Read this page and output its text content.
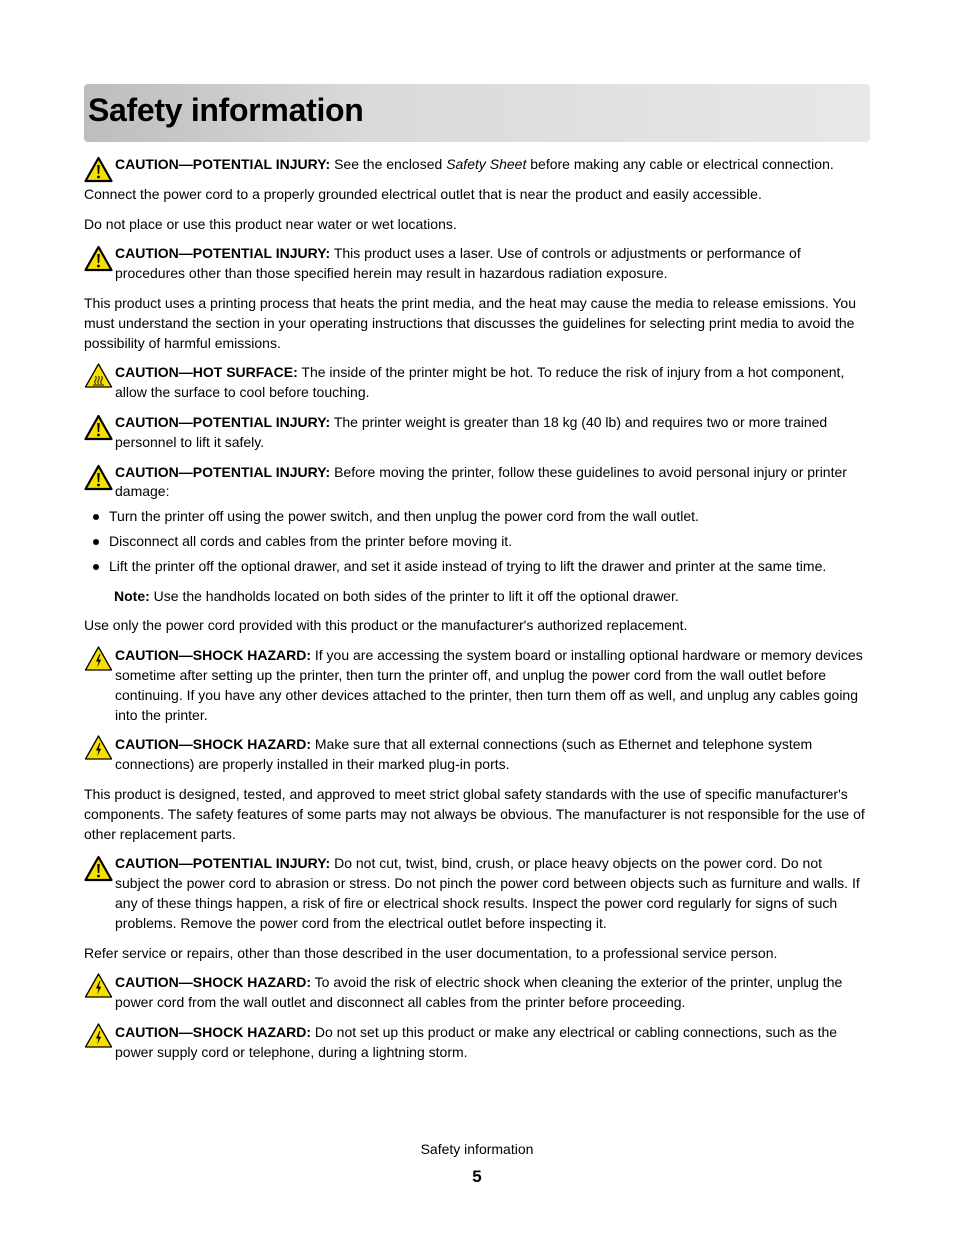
Safety information
CAUTION—POTENTIAL INJURY: See the enclosed Safety Sheet before making any cable or electrical connection.

Connect the power cord to a properly grounded electrical outlet that is near the product and easily accessible.

Do not place or use this product near water or wet locations.

CAUTION—POTENTIAL INJURY: This product uses a laser. Use of controls or adjustments or performance of procedures other than those specified herein may result in hazardous radiation exposure.

This product uses a printing process that heats the print media, and the heat may cause the media to release emissions. You must understand the section in your operating instructions that discusses the guidelines for selecting print media to avoid the possibility of harmful emissions.

CAUTION—HOT SURFACE: The inside of the printer might be hot. To reduce the risk of injury from a hot component, allow the surface to cool before touching.
CAUTION—POTENTIAL INJURY: The printer weight is greater than 18 kg (40 lb) and requires two or more trained personnel to lift it safely.
CAUTION—POTENTIAL INJURY: Before moving the printer, follow these guidelines to avoid personal injury or printer damage:
Turn the printer off using the power switch, and then unplug the power cord from the wall outlet.
Disconnect all cords and cables from the printer before moving it.
Lift the printer off the optional drawer, and set it aside instead of trying to lift the drawer and printer at the same time.

Note: Use the handholds located on both sides of the printer to lift it off the optional drawer.

Use only the power cord provided with this product or the manufacturer's authorized replacement.

CAUTION—SHOCK HAZARD: If you are accessing the system board or installing optional hardware or memory devices sometime after setting up the printer, then turn the printer off, and unplug the power cord from the wall outlet before continuing. If you have any other devices attached to the printer, then turn them off as well, and unplug any cables going into the printer.
CAUTION—SHOCK HAZARD: Make sure that all external connections (such as Ethernet and telephone system connections) are properly installed in their marked plug-in ports.

This product is designed, tested, and approved to meet strict global safety standards with the use of specific manufacturer's components. The safety features of some parts may not always be obvious. The manufacturer is not responsible for the use of other replacement parts.

CAUTION—POTENTIAL INJURY: Do not cut, twist, bind, crush, or place heavy objects on the power cord. Do not subject the power cord to abrasion or stress. Do not pinch the power cord between objects such as furniture and walls. If any of these things happen, a risk of fire or electrical shock results. Inspect the power cord regularly for signs of such problems. Remove the power cord from the electrical outlet before inspecting it.

Refer service or repairs, other than those described in the user documentation, to a professional service person.

CAUTION—SHOCK HAZARD: To avoid the risk of electric shock when cleaning the exterior of the printer, unplug the power cord from the wall outlet and disconnect all cables from the printer before proceeding.
CAUTION—SHOCK HAZARD: Do not set up this product or make any electrical or cabling connections, such as the power supply cord or telephone, during a lightning storm.
Safety information
5
